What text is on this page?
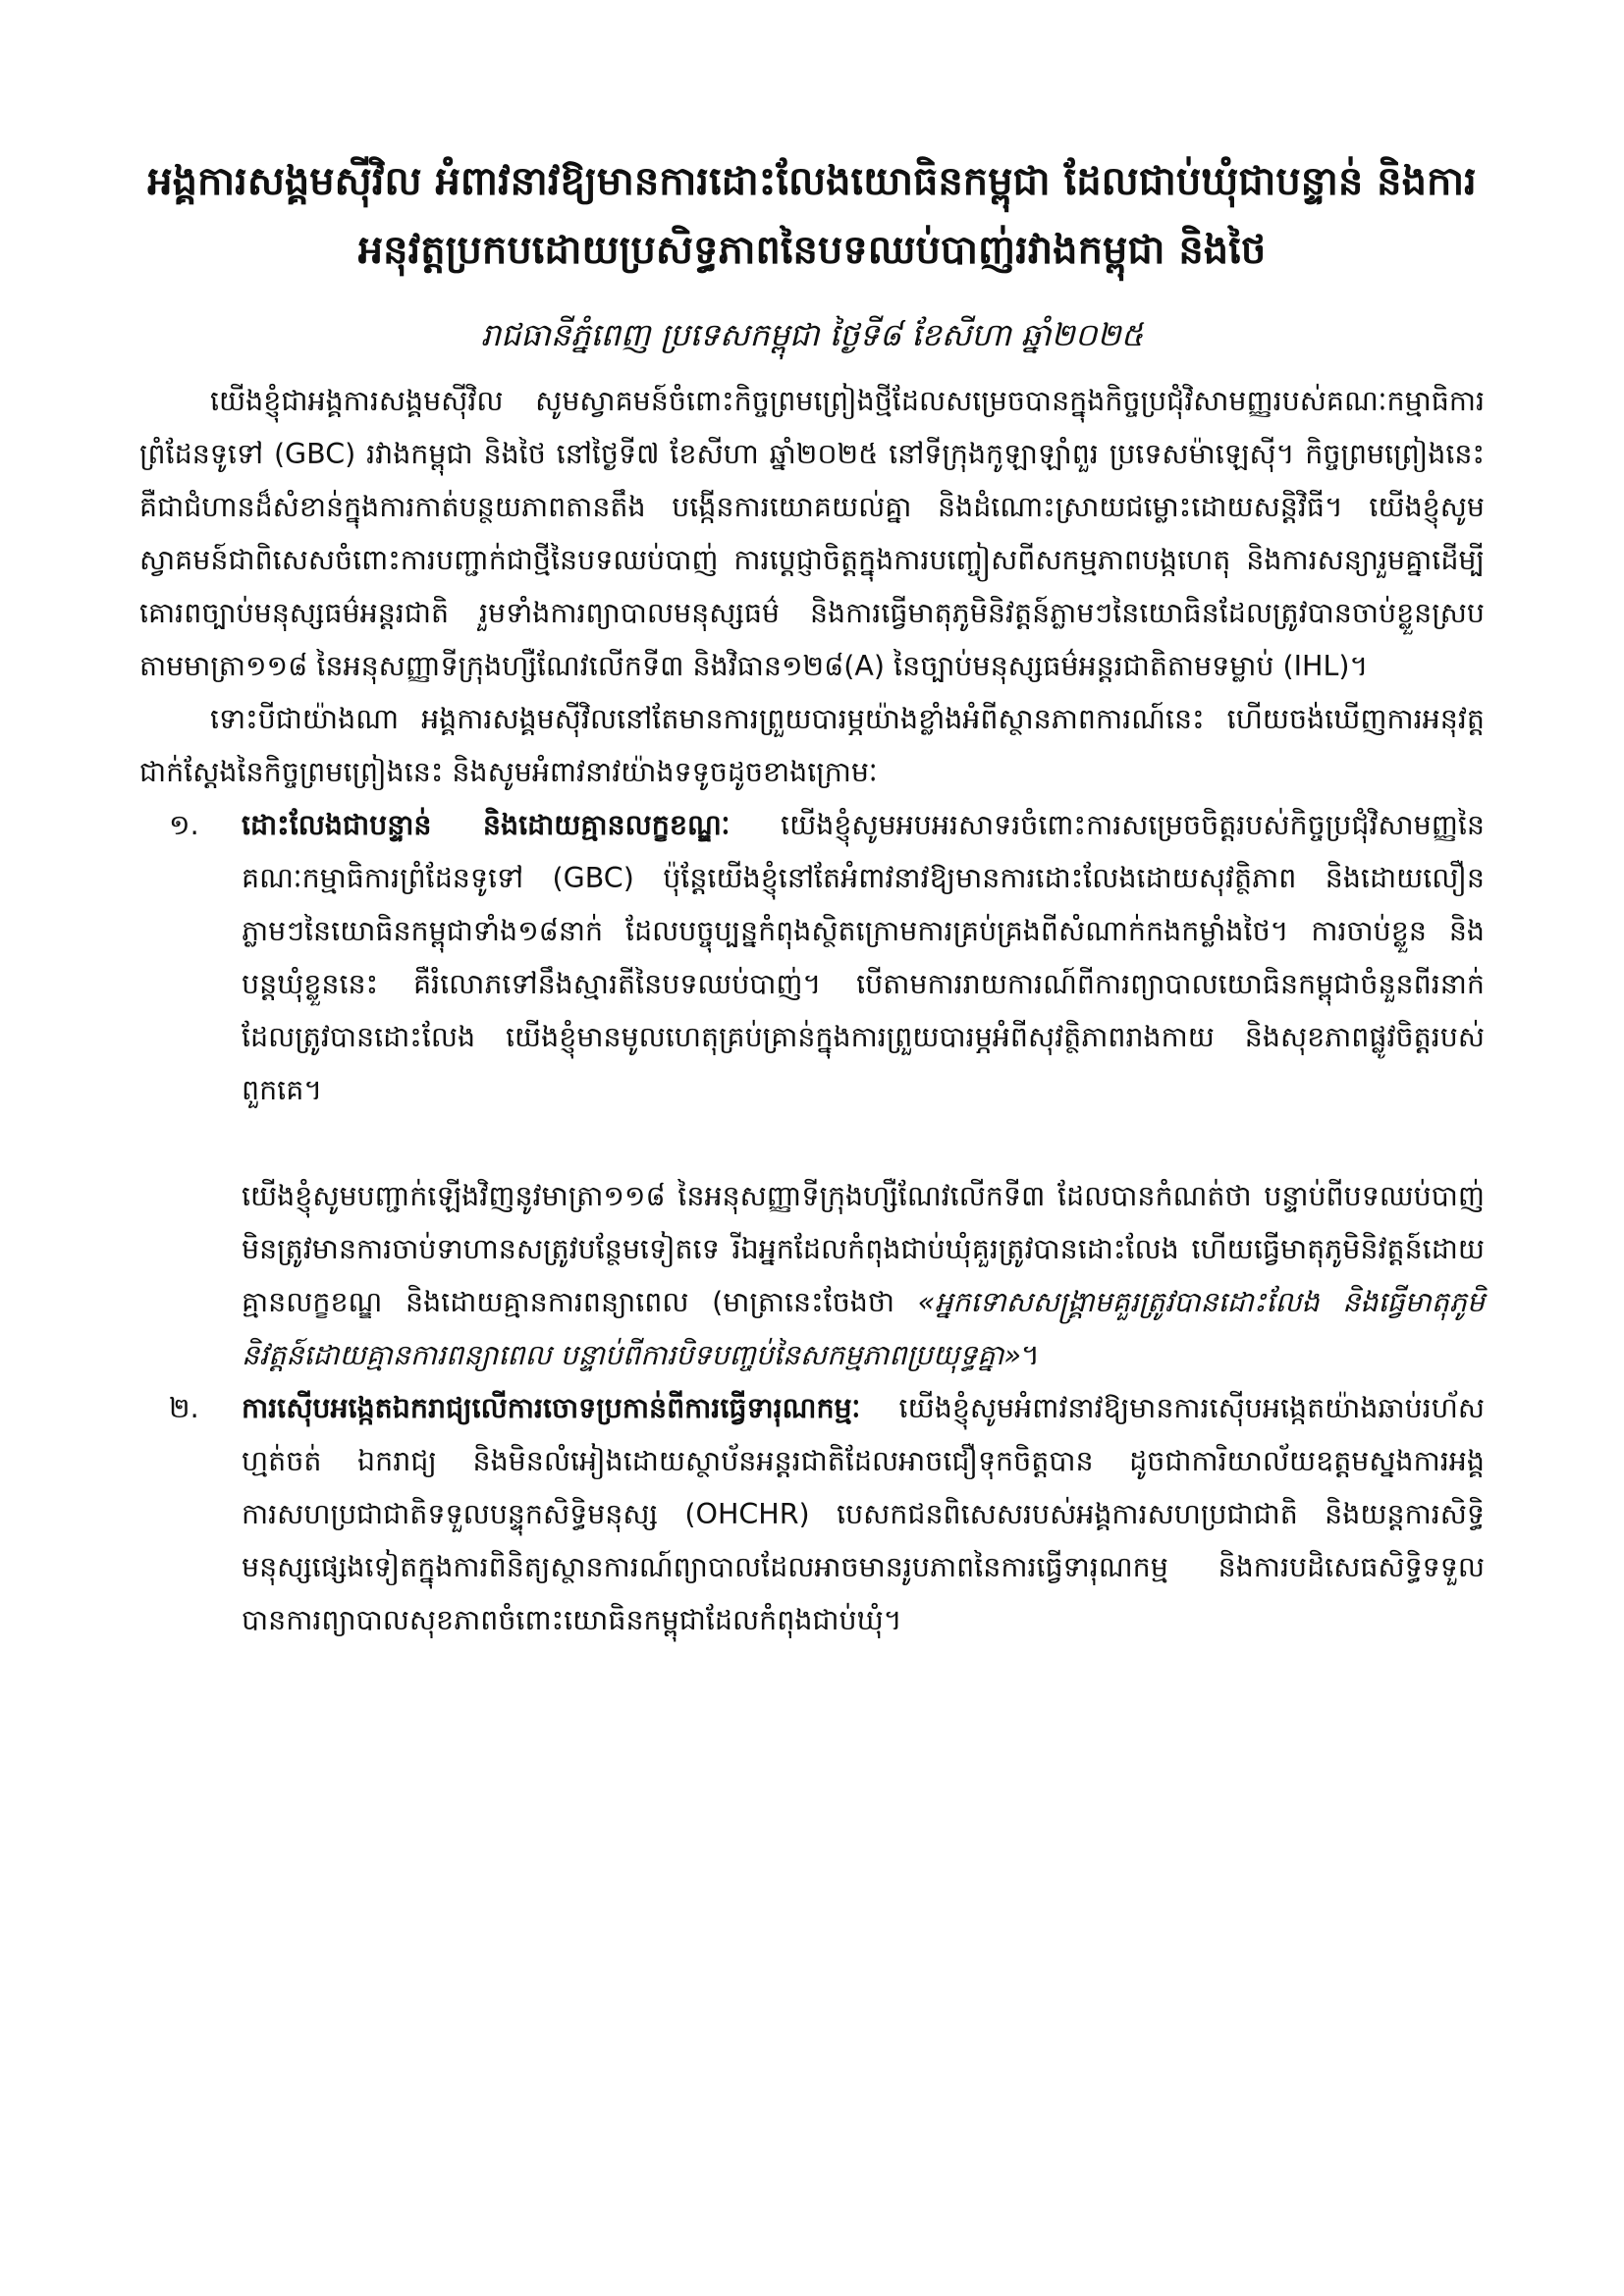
អង្គការសង្គមស៊ីវិល អំពាវនាវឱ្យមានការដោះលែងយោធិនកម្ពុជា ដែលជាប់ឃុំជាបន្ទាន់ និងការអនុវត្តប្រកបដោយប្រសិទ្ធភាពនៃបទឈប់បាញ់រវាងកម្ពុជា និងថៃ
រាជធានីភ្នំពេញ ប្រទេសកម្ពុជា ថ្ងៃទី៨ ខែសីហា ឆ្នាំ២០២៥

យើងខ្ញុំជាអង្គការសង្គមស៊ីវិល សូមស្វាគមន៍ចំពោះកិច្ចព្រមព្រៀងថ្មីដែលសម្រេចបានក្នុងកិច្ចប្រជុំវិសាមញ្ញរបស់គណៈកម្មាធិការព្រំដែនទូទៅ (GBC) រវាងកម្ពុជា និងថៃ នៅថ្ងៃទី៧ ខែសីហា ឆ្នាំ២០២៥ នៅទីក្រុងកូឡាឡាំពួរ ប្រទេសម៉ាឡេស៊ី។ កិច្ចព្រមព្រៀងនេះគឺជាជំហានដ៏សំខាន់ក្នុងការកាត់បន្ថយភាពតានតឹង បង្កើនការយោគយល់គ្នា និងដំណោះស្រាយជម្លោះដោយសន្តិវិធី។ យើងខ្ញុំសូមស្វាគមន៍ជាពិសេសចំពោះការបញ្ជាក់ជាថ្មីនៃបទឈប់បាញ់ ការប្តេជ្ញាចិត្តក្នុងការបញ្ចៀសពីសកម្មភាពបង្កហេតុ និងការសន្យារួមគ្នាដើម្បីគោរពច្បាប់មនុស្សធម៌អន្តរជាតិ រួមទាំងការព្យាបាលមនុស្សធម៌ និងការធ្វើមាតុភូមិនិវត្តន៍ភ្លាមៗនៃយោធិនដែលត្រូវបានចាប់ខ្លួនស្របតាមមាត្រា១១៨ នៃអនុសញ្ញាទីក្រុងហ្សឺណែវលើកទី៣ និងវិធាន១២៨(A) នៃច្បាប់មនុស្សធម៌អន្តរជាតិតាមទម្លាប់ (IHL)។

ទោះបីជាយ៉ាងណា អង្គការសង្គមស៊ីវិលនៅតែមានការព្រួយបារម្ភយ៉ាងខ្លាំងអំពីស្ថានភាពការណ៍នេះ ហើយចង់ឃើញការអនុវត្តជាក់ស្តែងនៃកិច្ចព្រមព្រៀងនេះ និងសូមអំពាវនាវយ៉ាងទទូចដូចខាងក្រោមៈ

១.	ដោះលែងជាបន្ទាន់ និងដោយគ្មានលក្ខខណ្ឌៈ យើងខ្ញុំសូមអបអរសាទរចំពោះការសម្រេចចិត្តរបស់កិច្ចប្រជុំវិសាមញ្ញនៃគណៈកម្មាធិការព្រំដែនទូទៅ (GBC) ប៉ុន្តែយើងខ្ញុំនៅតែអំពាវនាវឱ្យមានការដោះលែងដោយសុវត្ថិភាព និងដោយលឿនភ្លាមៗនៃយោធិនកម្ពុជាទាំង១៨នាក់ ដែលបច្ចុប្បន្នកំពុងស្ថិតក្រោមការគ្រប់គ្រងពីសំណាក់កងកម្លាំងថៃ។ ការចាប់ខ្លួន និងបន្តឃុំខ្លួននេះ គឺរំលោភទៅនឹងស្មារតីនៃបទឈប់បាញ់។ បើតាមការរាយការណ៍ពីការព្យាបាលយោធិនកម្ពុជាចំនួនពីរនាក់ដែលត្រូវបានដោះលែង យើងខ្ញុំមានមូលហេតុគ្រប់គ្រាន់ក្នុងការព្រួយបារម្ភអំពីសុវត្ថិភាពរាងកាយ និងសុខភាពផ្លូវចិត្តរបស់ពួកគេ។

យើងខ្ញុំសូមបញ្ជាក់ឡើងវិញនូវមាត្រា១១៨ នៃអនុសញ្ញាទីក្រុងហ្សឺណែវលើកទី៣ ដែលបានកំណត់ថា បន្ទាប់ពីបទឈប់បាញ់ មិនត្រូវមានការចាប់ទាហានសត្រូវបន្ថែមទៀតទេ រីឯអ្នកដែលកំពុងជាប់ឃុំគួរត្រូវបានដោះលែង ហើយធ្វើមាតុភូមិនិវត្តន៍ដោយគ្មានលក្ខខណ្ឌ និងដោយគ្មានការពន្យាពេល (មាត្រានេះចែងថា «អ្នកទោសសង្គ្រាមគួរត្រូវបានដោះលែង និងធ្វើមាតុភូមិនិវត្តន៍ដោយគ្មានការពន្យាពេល បន្ទាប់ពីការបិទបញ្ចប់នៃសកម្មភាពប្រយុទ្ធគ្នា»។

២.	ការស៊ើបអង្កេតឯករាជ្យលើការចោទប្រកាន់ពីការធ្វើទារុណកម្មៈ យើងខ្ញុំសូមអំពាវនាវឱ្យមានការស៊ើបអង្កេតយ៉ាងឆាប់រហ័ស ហ្មត់ចត់ ឯករាជ្យ និងមិនលំអៀងដោយស្ថាប័នអន្តរជាតិដែលអាចជឿទុកចិត្តបាន ដូចជាការិយាល័យឧត្តមស្នងការអង្គការសហប្រជាជាតិទទួលបន្ទុកសិទ្ធិមនុស្ស (OHCHR) បេសកជនពិសេសរបស់អង្គការសហប្រជាជាតិ និងយន្តការសិទ្ធិមនុស្សផ្សេងទៀតក្នុងការពិនិត្យស្ថានការណ៍ព្យាបាលដែលអាចមានរូបភាពនៃការធ្វើទារុណកម្ម និងការបដិសេធសិទ្ធិទទួលបានការព្យាបាលសុខភាពចំពោះយោធិនកម្ពុជាដែលកំពុងជាប់ឃុំ។
